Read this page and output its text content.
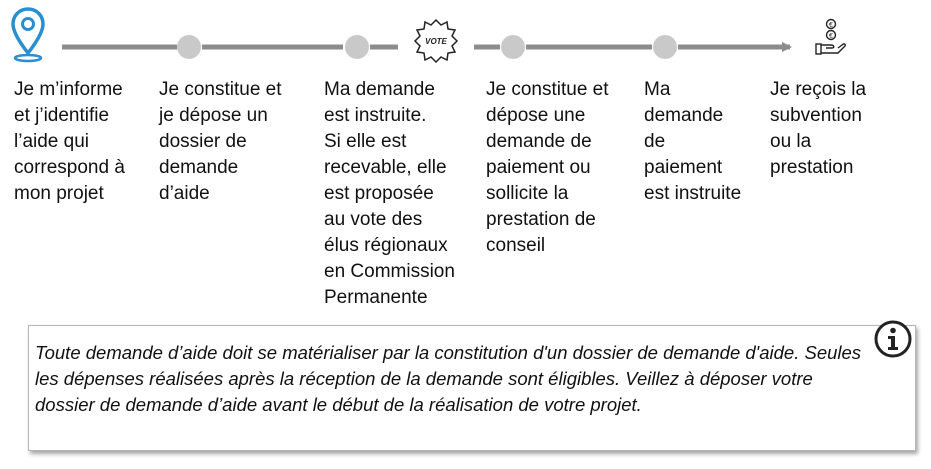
VOTE
€
€

Je m’informe
et j’identifie
l’aide qui
correspond à
mon projet

Je constitue et
je dépose un
dossier de
demande
d’aide

Ma demande
est instruite.
Si elle est
recevable, elle
est proposée
au vote des
élus régionaux
en Commission
Permanente

Je constitue et
dépose une
demande de
paiement ou
sollicite la
prestation de
conseil

Ma
demande
de
paiement
est instruite

Je reçois la
subvention
ou la
prestation

Toute demande d’aide doit se matérialiser par la constitution d'un dossier de demande d'aide. Seules les dépenses réalisées après la réception de la demande sont éligibles. Veillez à déposer votre dossier de demande d’aide avant le début de la réalisation de votre projet.
